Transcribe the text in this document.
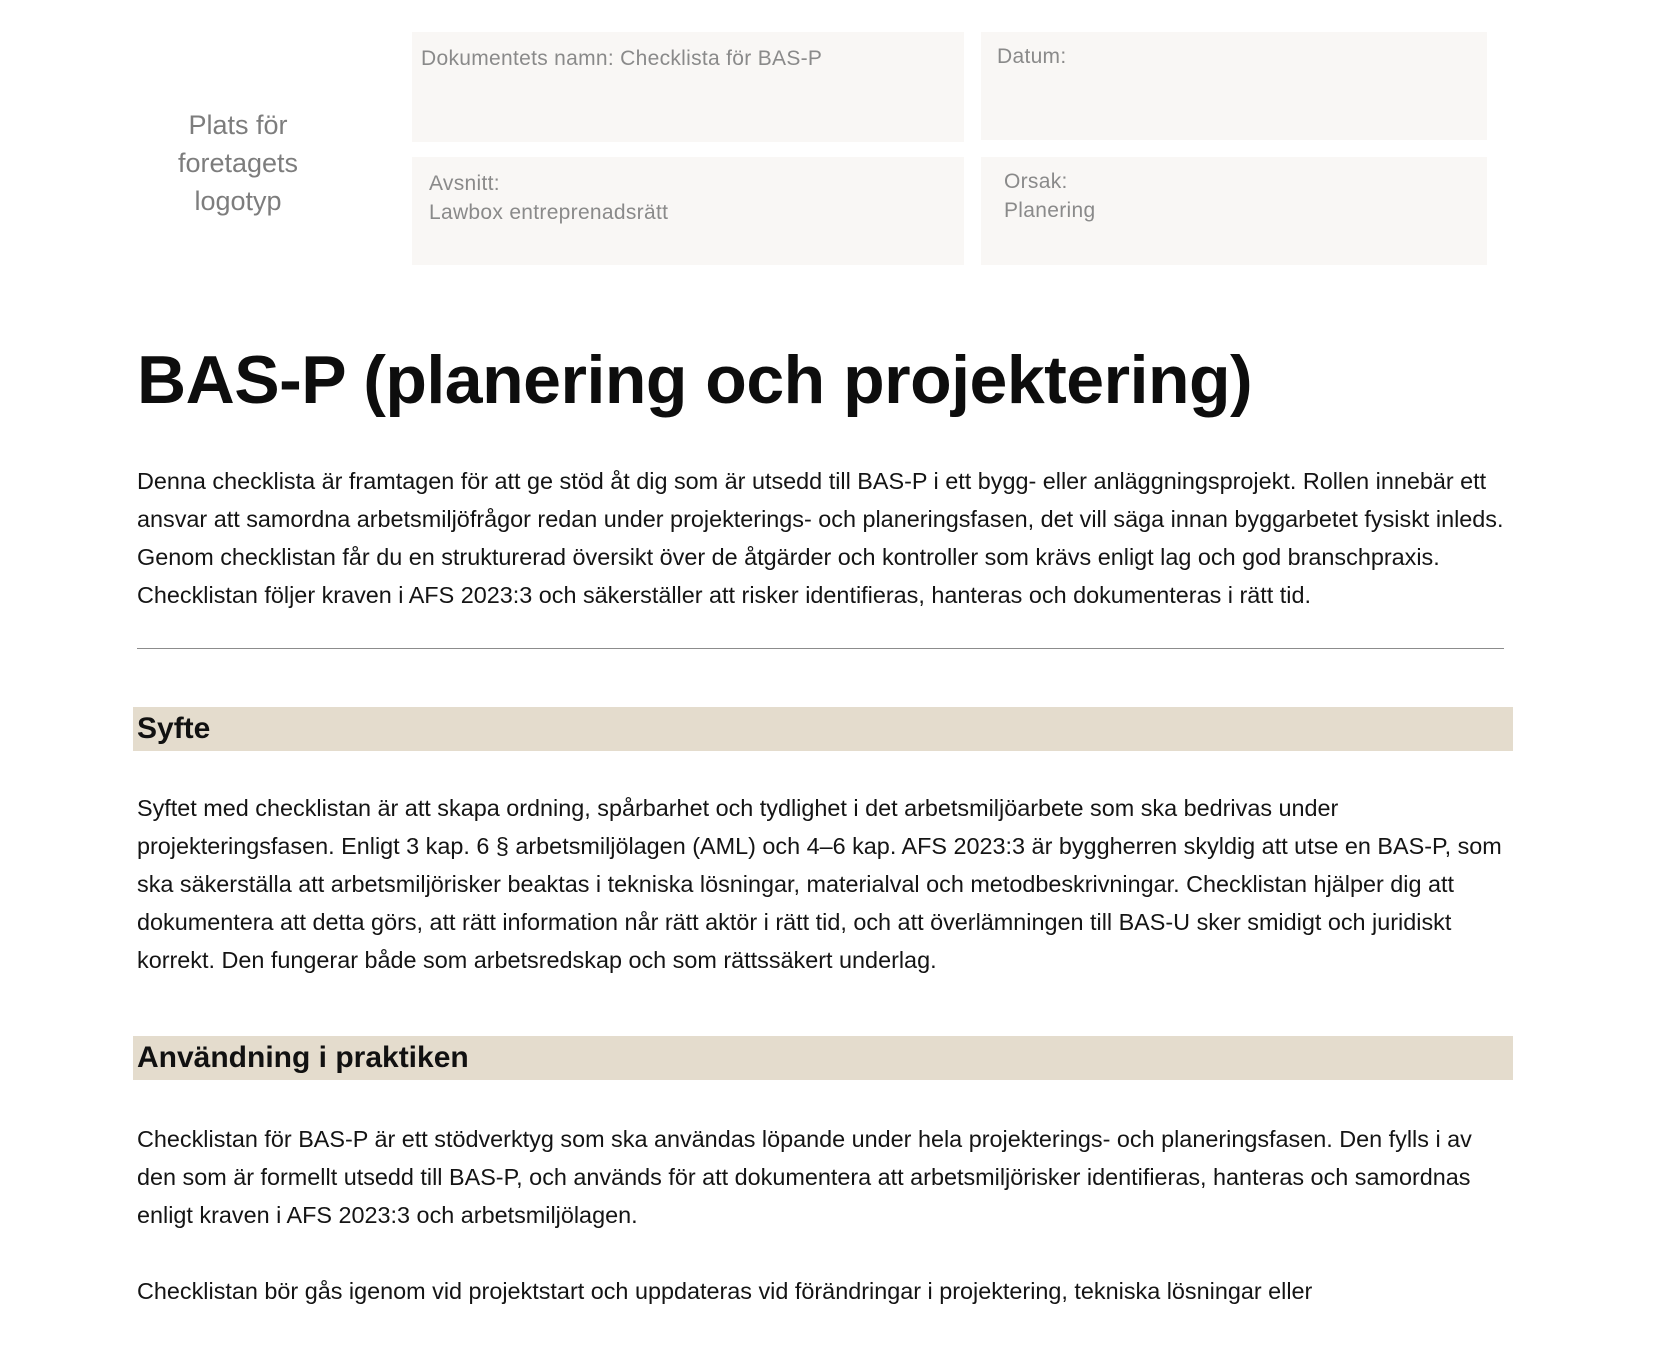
Plats för foretagets logotyp
Dokumentets namn: Checklista för BAS-P	Datum:
Avsnitt:
Lawbox entreprenadsrätt
Orsak:
Planering
BAS-P (planering och projektering)

Denna checklista är framtagen för att ge stöd åt dig som är utsedd till BAS-P i ett bygg- eller anläggningsprojekt. Rollen innebär ett ansvar att samordna arbetsmiljöfrågor redan under projekterings- och planeringsfasen, det vill säga innan byggarbetet fysiskt inleds. Genom checklistan får du en strukturerad översikt över de åtgärder och kontroller som krävs enligt lag och god branschpraxis. Checklistan följer kraven i AFS 2023:3 och säkerställer att risker identifieras, hanteras och dokumenteras i rätt tid.

Syfte

Syftet med checklistan är att skapa ordning, spårbarhet och tydlighet i det arbetsmiljöarbete som ska bedrivas under projekteringsfasen. Enligt 3 kap. 6 § arbetsmiljölagen (AML) och 4–6 kap. AFS 2023:3 är byggherren skyldig att utse en BAS-P, som ska säkerställa att arbetsmiljörisker beaktas i tekniska lösningar, materialval och metodbeskrivningar. Checklistan hjälper dig att dokumentera att detta görs, att rätt information når rätt aktör i rätt tid, och att överlämningen till BAS-U sker smidigt och juridiskt korrekt. Den fungerar både som arbetsredskap och som rättssäkert underlag.

Användning i praktiken

Checklistan för BAS-P är ett stödverktyg som ska användas löpande under hela projekterings- och planeringsfasen. Den fylls i av den som är formellt utsedd till BAS-P, och används för att dokumentera att arbetsmiljörisker identifieras, hanteras och samordnas enligt kraven i AFS 2023:3 och arbetsmiljölagen.

Checklistan bör gås igenom vid projektstart och uppdateras vid förändringar i projektering, tekniska lösningar eller
